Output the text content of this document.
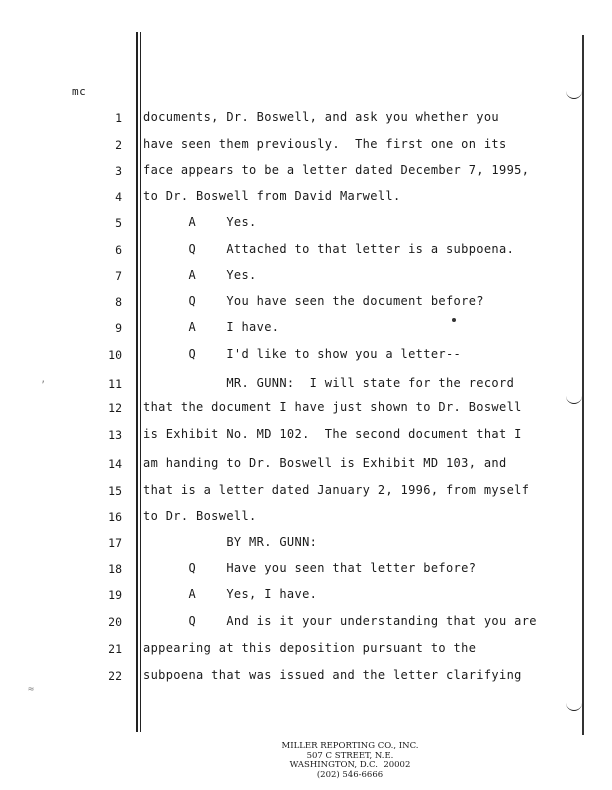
mc
≈
’
1 documents, Dr. Boswell, and ask you whether you
2 have seen them previously.  The first one on its
3 face appears to be a letter dated December 7, 1995,
4 to Dr. Boswell from David Marwell.
5 A    Yes.
6 Q    Attached to that letter is a subpoena.
7 A    Yes.
8 Q    You have seen the document before?
9 A    I have.
10 Q    I'd like to show you a letter--
11 MR. GUNN:  I will state for the record
12 that the document I have just shown to Dr. Boswell
13 is Exhibit No. MD 102.  The second document that I
14 am handing to Dr. Boswell is Exhibit MD 103, and
15 that is a letter dated January 2, 1996, from myself
16 to Dr. Boswell.
17 BY MR. GUNN:
18 Q    Have you seen that letter before?
19 A    Yes, I have.
20 Q    And is it your understanding that you are
21 appearing at this deposition pursuant to the
22 subpoena that was issued and the letter clarifying
MILLER REPORTING CO., INC.
507 C STREET, N.E.
WASHINGTON, D.C.  20002
(202) 546-6666
